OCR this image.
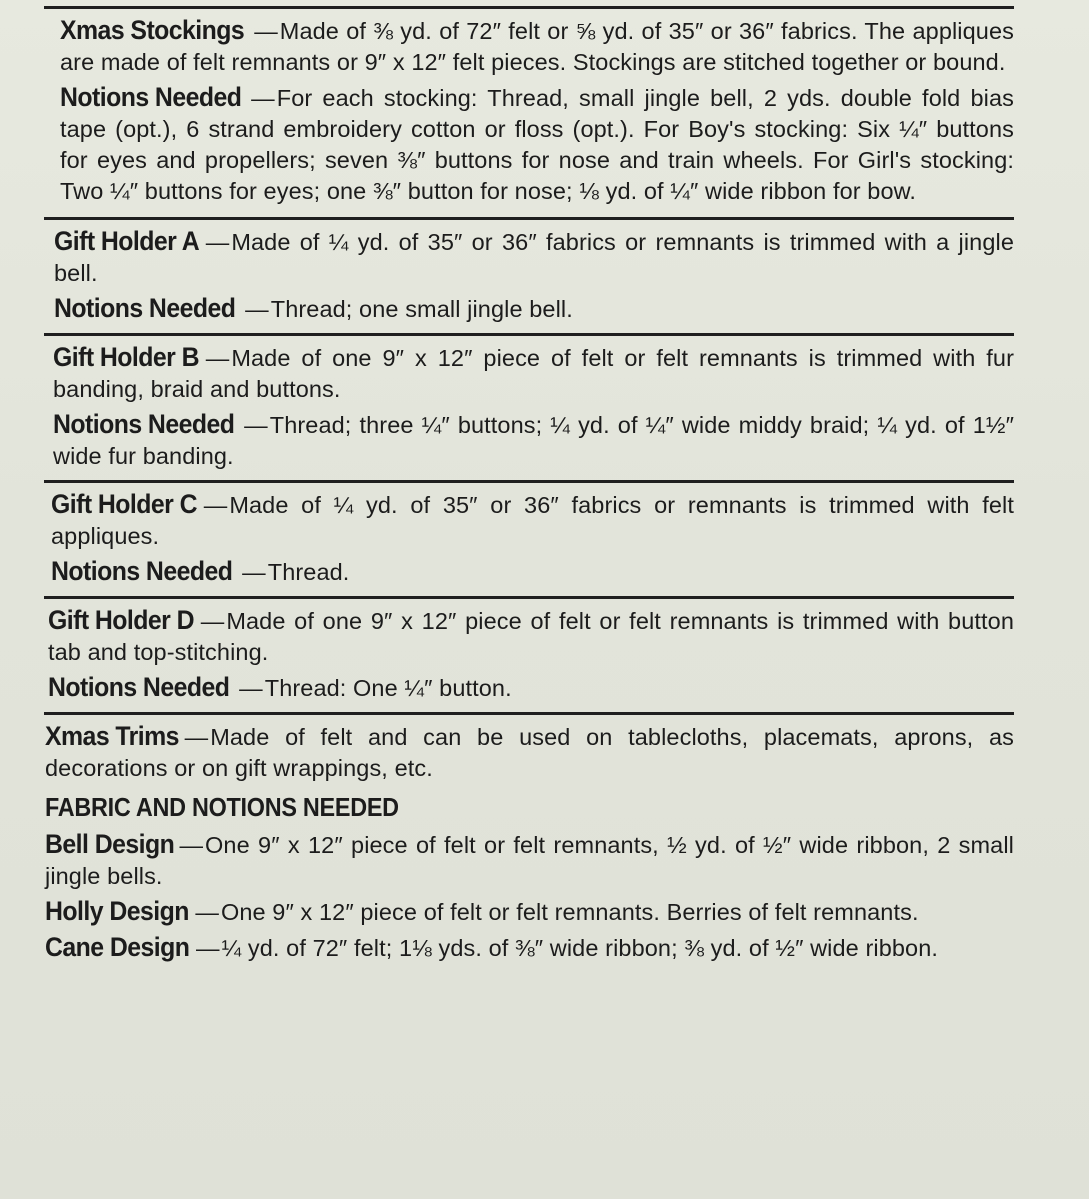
Xmas Stockings —Made of ⅜ yd. of 72″ felt or ⅝ yd. of 35″ or 36″ fabrics. The appliques are made of felt remnants or 9″ x 12″ felt pieces. Stockings are stitched together or bound.

Notions Needed —For each stocking: Thread, small jingle bell, 2 yds. double fold bias tape (opt.), 6 strand embroidery cotton or floss (opt.). For Boy's stocking: Six ¼″ buttons for eyes and propellers; seven ⅜″ buttons for nose and train wheels. For Girl's stocking: Two ¼″ buttons for eyes; one ⅜″ button for nose; ⅛ yd. of ¼″ wide ribbon for bow.

Gift Holder A —Made of ¼ yd. of 35″ or 36″ fabrics or remnants is trimmed with a jingle bell.

Notions Needed —Thread; one small jingle bell.

Gift Holder B —Made of one 9″ x 12″ piece of felt or felt remnants is trimmed with fur banding, braid and buttons.

Notions Needed —Thread; three ¼″ buttons; ¼ yd. of ¼″ wide middy braid; ¼ yd. of 1½″ wide fur banding.

Gift Holder C —Made of ¼ yd. of 35″ or 36″ fabrics or remnants is trimmed with felt appliques.

Notions Needed —Thread.

Gift Holder D —Made of one 9″ x 12″ piece of felt or felt remnants is trimmed with button tab and top-stitching.

Notions Needed —Thread: One ¼″ button.

Xmas Trims —Made of felt and can be used on tablecloths, placemats, aprons, as decorations or on gift wrappings, etc.

FABRIC AND NOTIONS NEEDED

Bell Design —One 9″ x 12″ piece of felt or felt remnants, ½ yd. of ½″ wide ribbon, 2 small jingle bells.

Holly Design —One 9″ x 12″ piece of felt or felt remnants. Berries of felt remnants.

Cane Design —¼ yd. of 72″ felt; 1⅛ yds. of ⅜″ wide ribbon; ⅜ yd. of ½″ wide ribbon.
